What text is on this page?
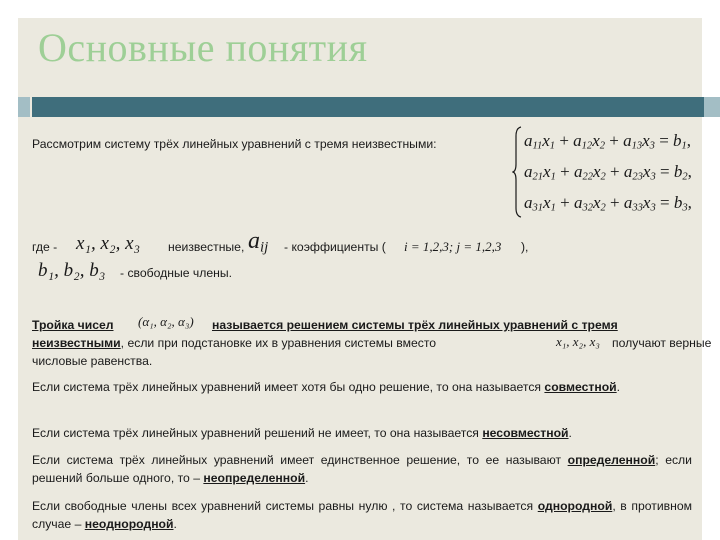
Основные понятия
Рассмотрим систему трёх линейных уравнений с тремя неизвестными:	$a_{11}x_1 + a_{12}x_2 + a_{13}x_3 = b_1$,
$a_{21}x_1 + a_{22}x_2 + a_{23}x_3 = b_2$,
$a_{31}x_1 + a_{32}x_2 + a_{33}x_3 = b_3$,
где - x₁, x₂, x₃ неизвестные, $a_{ij}$ - коэффициенты ( i = 1,2,3; j = 1,2,3 ),
b₁, b₂, b₃ - свободные члены.
Тройка чисел (α₁, α₂, α₃) называется решением системы трёх линейных уравнений с тремя
неизвестными, если при подстановке их в уравнения системы вместо	x₁, x₂, x₃ получают верные
числовые равенства.
Если система трёх линейных уравнений имеет хотя бы одно решение, то она называется совместной.
Если система трёх линейных уравнений решений не имеет, то она называется несовместной.
Если система трёх линейных уравнений имеет единственное решение, то ее называют определенной; если решений больше одного, то – неопределенной.
Если свободные члены всех уравнений системы равны нулю , то система называется однородной, в противном случае – неоднородной.
